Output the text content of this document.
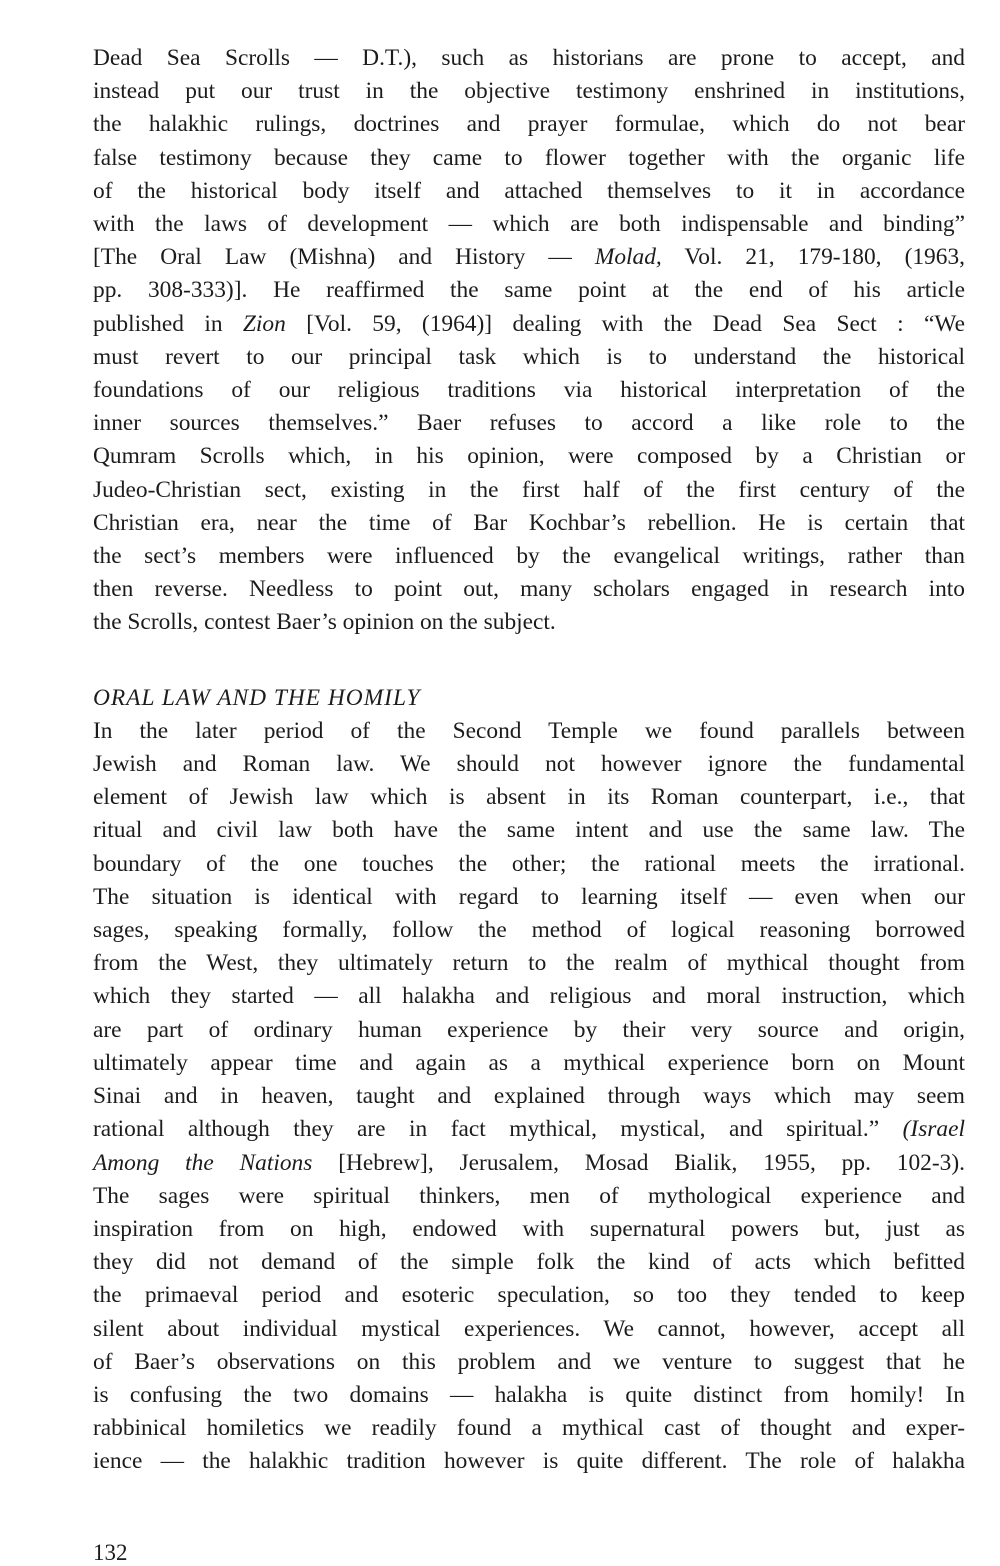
Dead Sea Scrolls — D.T.), such as historians are prone to accept, and
instead put our trust in the objective testimony enshrined in institutions,
the halakhic rulings, doctrines and prayer formulae, which do not bear
false testimony because they came to flower together with the organic life
of the historical body itself and attached themselves to it in accordance
with the laws of development — which are both indispensable and binding”
[The Oral Law (Mishna) and History — Molad, Vol. 21, 179-180, (1963,
pp. 308-333)]. He reaffirmed the same point at the end of his article
published in Zion [Vol. 59, (1964)] dealing with the Dead Sea Sect : “We
must revert to our principal task which is to understand the historical
foundations of our religious traditions via historical interpretation of the
inner sources themselves.” Baer refuses to accord a like role to the
Qumram Scrolls which, in his opinion, were composed by a Christian or
Judeo-Christian sect, existing in the first half of the first century of the
Christian era, near the time of Bar Kochbar’s rebellion. He is certain that
the sect’s members were influenced by the evangelical writings, rather than
then reverse. Needless to point out, many scholars engaged in research into
the Scrolls, contest Baer’s opinion on the subject.
ORAL LAW AND THE HOMILY
In the later period of the Second Temple we found parallels between
Jewish and Roman law. We should not however ignore the fundamental
element of Jewish law which is absent in its Roman counterpart, i.e., that
ritual and civil law both have the same intent and use the same law. The
boundary of the one touches the other; the rational meets the irrational.
The situation is identical with regard to learning itself — even when our
sages, speaking formally, follow the method of logical reasoning borrowed
from the West, they ultimately return to the realm of mythical thought from
which they started — all halakha and religious and moral instruction, which
are part of ordinary human experience by their very source and origin,
ultimately appear time and again as a mythical experience born on Mount
Sinai and in heaven, taught and explained through ways which may seem
rational although they are in fact mythical, mystical, and spiritual.” (Israel
Among the Nations [Hebrew], Jerusalem, Mosad Bialik, 1955, pp. 102-3).
The sages were spiritual thinkers, men of mythological experience and
inspiration from on high, endowed with supernatural powers but, just as
they did not demand of the simple folk the kind of acts which befitted
the primaeval period and esoteric speculation, so too they tended to keep
silent about individual mystical experiences. We cannot, however, accept all
of Baer’s observations on this problem and we venture to suggest that he
is confusing the two domains — halakha is quite distinct from homily! In
rabbinical homiletics we readily found a mythical cast of thought and exper-
ience — the halakhic tradition however is quite different. The role of halakha
132
